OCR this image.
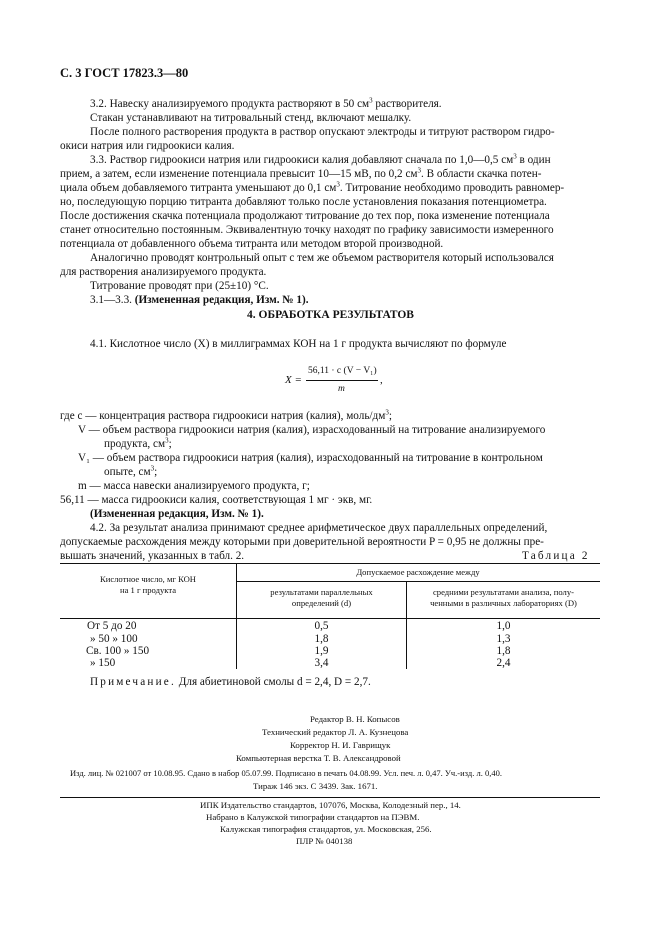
С. 3 ГОСТ 17823.3—80
3.2. Навеску анализируемого продукта растворяют в 50 $см^3$ растворителя.
Стакан устанавливают на титровальный стенд, включают мешалку.
После полного растворения продукта в раствор опускают электроды и титруют раствором гидро-
окиси натрия или гидроокиси калия.
3.3. Раствор гидроокиси натрия или гидроокиси калия добавляют сначала по 1,0—0,5 $см^3$ в один
прием, а затем, если изменение потенциала превысит 10—15 мВ, по 0,2 $см^3$. В области скачка потен-
циала объем добавляемого титранта уменьшают до 0,1 $см^3$. Титрование необходимо проводить равномер-
но, последующую порцию титранта добавляют только после установления показания потенциометра.
После достижения скачка потенциала продолжают титрование до тех пор, пока изменение потенциала
станет относительно постоянным. Эквивалентную точку находят по графику зависимости измеренного
потенциала от добавленного объема титранта или методом второй производной.
Аналогично проводят контрольный опыт с тем же объемом растворителя который использовался
для растворения анализируемого продукта.
Титрование проводят при (25±10) °С.
3.1—3.3. (Измененная редакция, Изм. № 1).
4. ОБРАБОТКА РЕЗУЛЬТАТОВ
4.1. Кислотное число (X) в миллиграммах КОН на 1 г продукта вычисляют по формуле
X =
56,11 · c (V − V₁)
m
,
где c — концентрация раствора гидроокиси натрия (калия), моль/$дм^3$;
V — объем раствора гидроокиси натрия (калия), израсходованный на титрование анализируемого
продукта, $см^3$;
V₁ — объем раствора гидроокиси натрия (калия), израсходованный на титрование в контрольном
опыте, $см^3$;
m — масса навески анализируемого продукта, г;
56,11 — масса гидроокиси калия, соответствующая 1 мг · экв, мг.
(Измененная редакция, Изм. № 1).
4.2. За результат анализа принимают среднее арифметическое двух параллельных определений,
допускаемые расхождения между которыми при доверительной вероятности P = 0,95 не должны пре-
вышать значений, указанных в табл. 2.	Таблица 2
Кислотное число, мг КОН
на 1 г продукта
Допускаемое расхождение между
результатами параллельных
определений (d)
средними результатами анализа, полу-
ченными в различных лабораториях (D)
От 5 до 20	0,5	1,0
» 50 » 100	1,8	1,3
Св. 100 » 150	1,9	1,8
» 150	3,4	2,4
Примечание. Для абиетиновой смолы d = 2,4, D = 2,7.
Редактор В. Н. Копысов
Технический редактор Л. А. Кузнецова
Корректор Н. И. Гаврищук
Компьютерная верстка Т. В. Александровой
Изд. лиц. № 021007 от 10.08.95. Сдано в набор 05.07.99. Подписано в печать 04.08.99. Усл. печ. л. 0,47. Уч.-изд. л. 0,40.
Тираж 146 экз. С 3439. Зак. 1671.
ИПК Издательство стандартов, 107076, Москва, Колодезный пер., 14.
Набрано в Калужской типографии стандартов на ПЭВМ.
Калужская типография стандартов, ул. Московская, 256.
ПЛР № 040138
